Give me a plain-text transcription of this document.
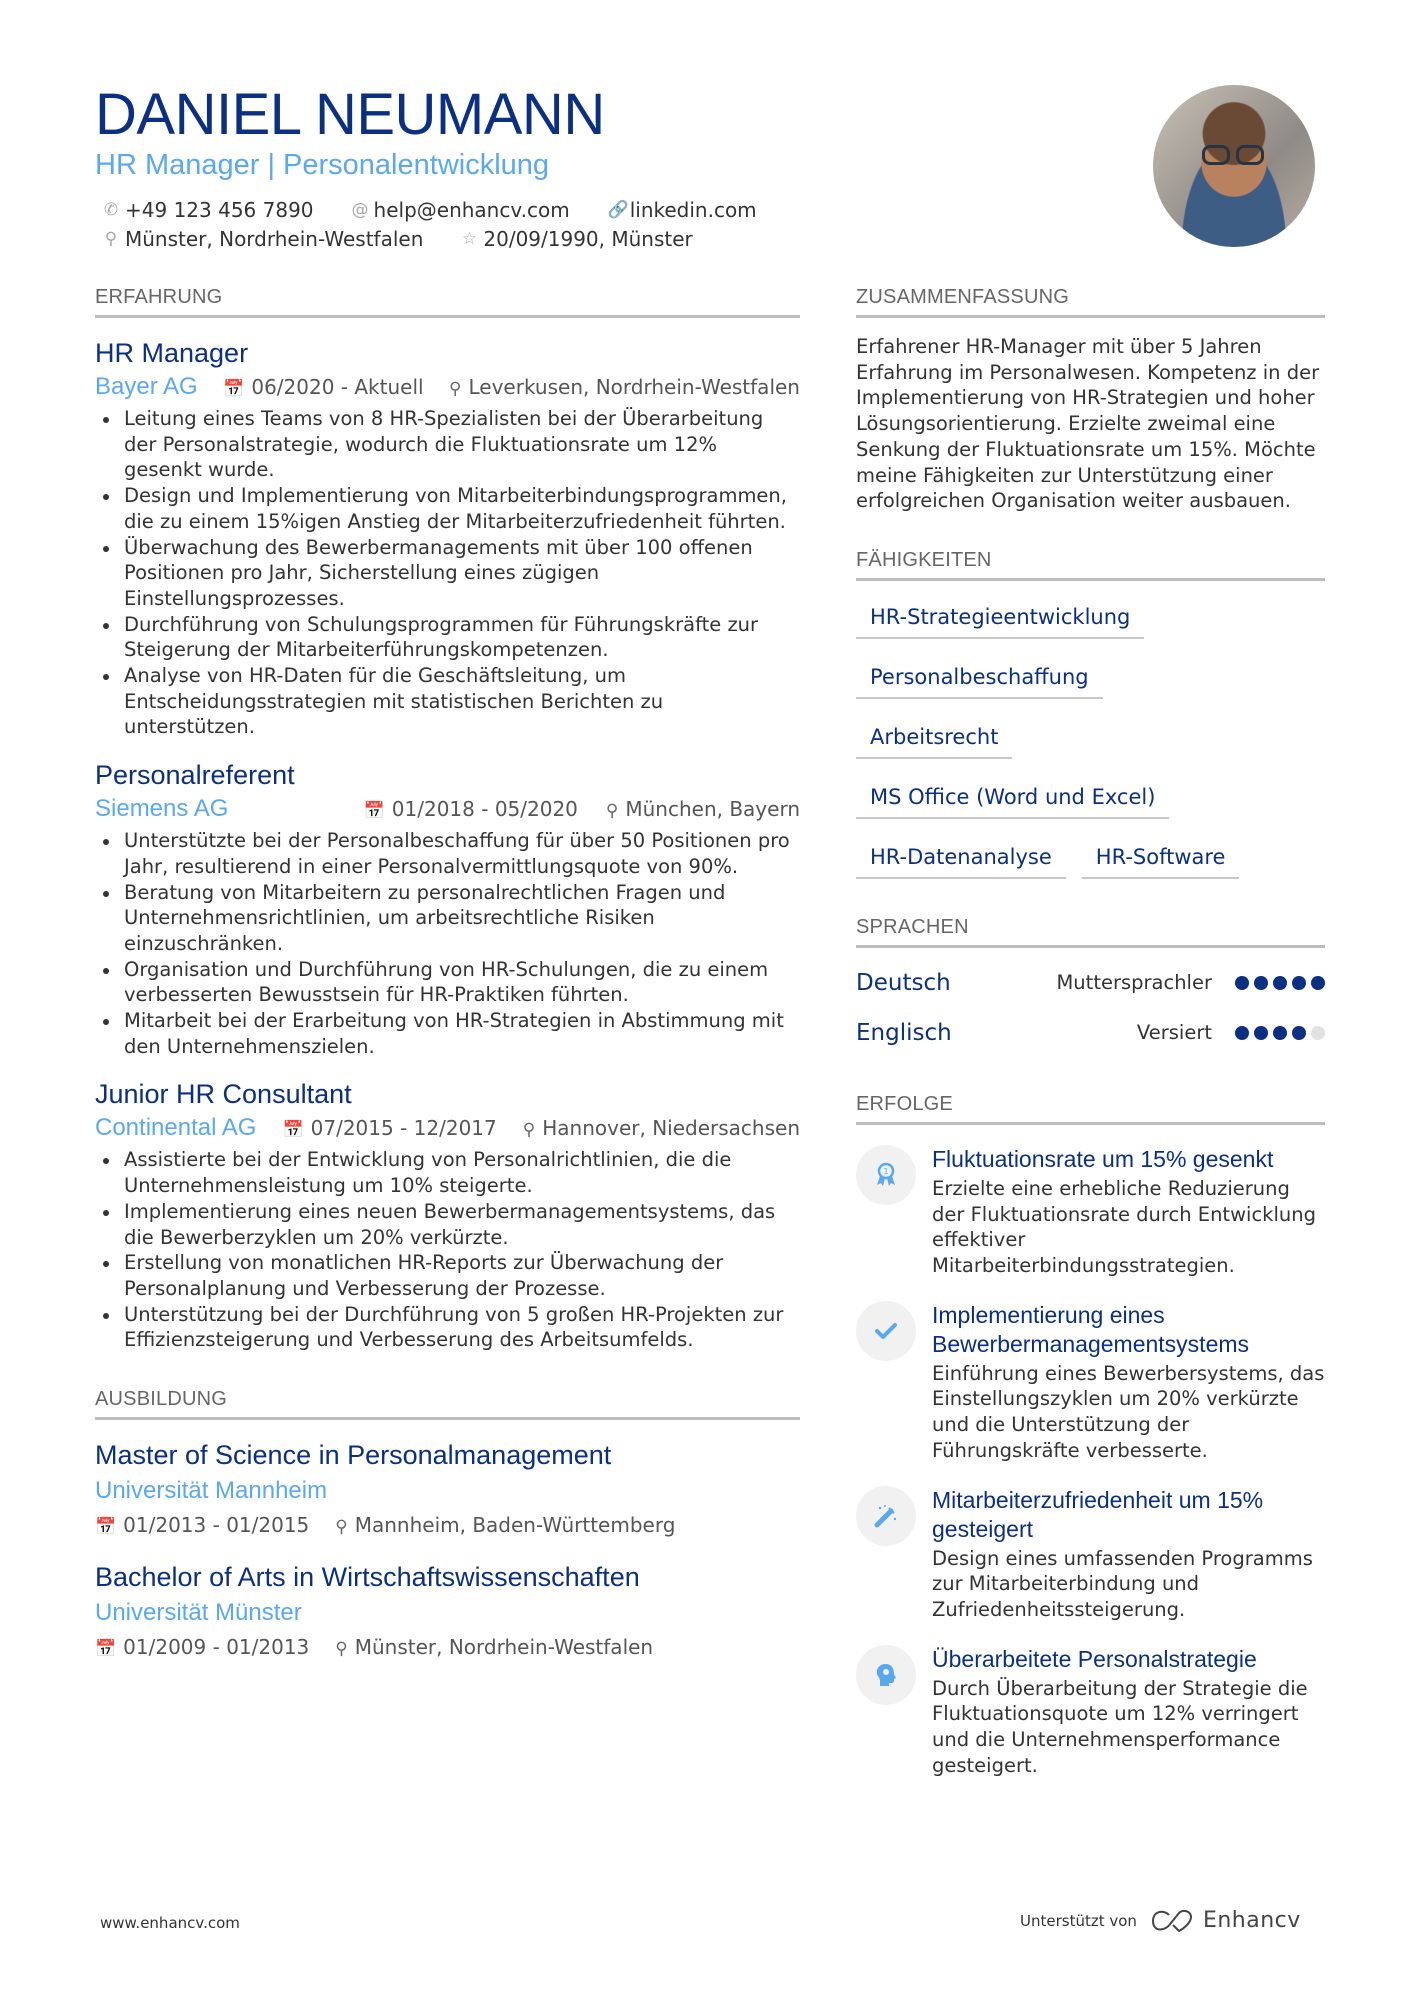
DANIEL NEUMANN
HR Manager | Personalentwicklung
✆ +49 123 456 7890 @ help@enhancv.com 🔗 linkedin.com
⚲ Münster, Nordrhein-Westfalen ☆ 20/09/1990, Münster
ERFAHRUNG
HR Manager
Bayer AG 📅 06/2020 - Aktuell ⚲ Leverkusen, Nordrhein-Westfalen
Leitung eines Teams von 8 HR-Spezialisten bei der Überarbeitung der Personalstrategie, wodurch die Fluktuationsrate um 12% gesenkt wurde.
Design und Implementierung von Mitarbeiterbindungsprogrammen, die zu einem 15%igen Anstieg der Mitarbeiterzufriedenheit führten.
Überwachung des Bewerbermanagements mit über 100 offenen Positionen pro Jahr, Sicherstellung eines zügigen Einstellungsprozesses.
Durchführung von Schulungsprogrammen für Führungskräfte zur Steigerung der Mitarbeiterführungskompetenzen.
Analyse von HR-Daten für die Geschäftsleitung, um Entscheidungsstrategien mit statistischen Berichten zu unterstützen.
Personalreferent
Siemens AG	📅 01/2018 - 05/2020 ⚲ München, Bayern
Unterstützte bei der Personalbeschaffung für über 50 Positionen pro Jahr, resultierend in einer Personalvermittlungsquote von 90%.
Beratung von Mitarbeitern zu personalrechtlichen Fragen und Unternehmensrichtlinien, um arbeitsrechtliche Risiken einzuschränken.
Organisation und Durchführung von HR-Schulungen, die zu einem verbesserten Bewusstsein für HR-Praktiken führten.
Mitarbeit bei der Erarbeitung von HR-Strategien in Abstimmung mit den Unternehmenszielen.
Junior HR Consultant
Continental AG 📅 07/2015 - 12/2017 ⚲ Hannover, Niedersachsen
Assistierte bei der Entwicklung von Personalrichtlinien, die die Unternehmensleistung um 10% steigerte.
Implementierung eines neuen Bewerbermanagementsystems, das die Bewerberzyklen um 20% verkürzte.
Erstellung von monatlichen HR-Reports zur Überwachung der Personalplanung und Verbesserung der Prozesse.
Unterstützung bei der Durchführung von 5 großen HR-Projekten zur Effizienzsteigerung und Verbesserung des Arbeitsumfelds.
AUSBILDUNG
Master of Science in Personalmanagement
Universität Mannheim
📅 01/2013 - 01/2015 ⚲ Mannheim, Baden-Württemberg
Bachelor of Arts in Wirtschaftswissenschaften
Universität Münster
📅 01/2009 - 01/2013 ⚲ Münster, Nordrhein-Westfalen
ZUSAMMENFASSUNG
Erfahrener HR-Manager mit über 5 Jahren Erfahrung im Personalwesen. Kompetenz in der Implementierung von HR-Strategien und hoher Lösungsorientierung. Erzielte zweimal eine Senkung der Fluktuationsrate um 15%. Möchte meine Fähigkeiten zur Unterstützung einer erfolgreichen Organisation weiter ausbauen.
FÄHIGKEITEN
HR-Strategieentwicklung
Personalbeschaffung
Arbeitsrecht
MS Office (Word und Excel)
HR-Datenanalyse	HR-Software
SPRACHEN
Deutsch	Muttersprachler
Englisch	Versiert
ERFOLGE
1 Fluktuationsrate um 15% gesenkt
Erzielte eine erhebliche Reduzierung der Fluktuationsrate durch Entwicklung effektiver Mitarbeiterbindungsstrategien.
Implementierung eines Bewerbermanagementsystems
Einführung eines Bewerbersystems, das Einstellungszyklen um 20% verkürzte und die Unterstützung der Führungskräfte verbesserte.
Mitarbeiterzufriedenheit um 15% gesteigert
Design eines umfassenden Programms zur Mitarbeiterbindung und Zufriedenheitssteigerung.
Überarbeitete Personalstrategie
Durch Überarbeitung der Strategie die Fluktuationsquote um 12% verringert und die Unternehmensperformance gesteigert.
www.enhancv.com	Unterstützt von	Enhancv
